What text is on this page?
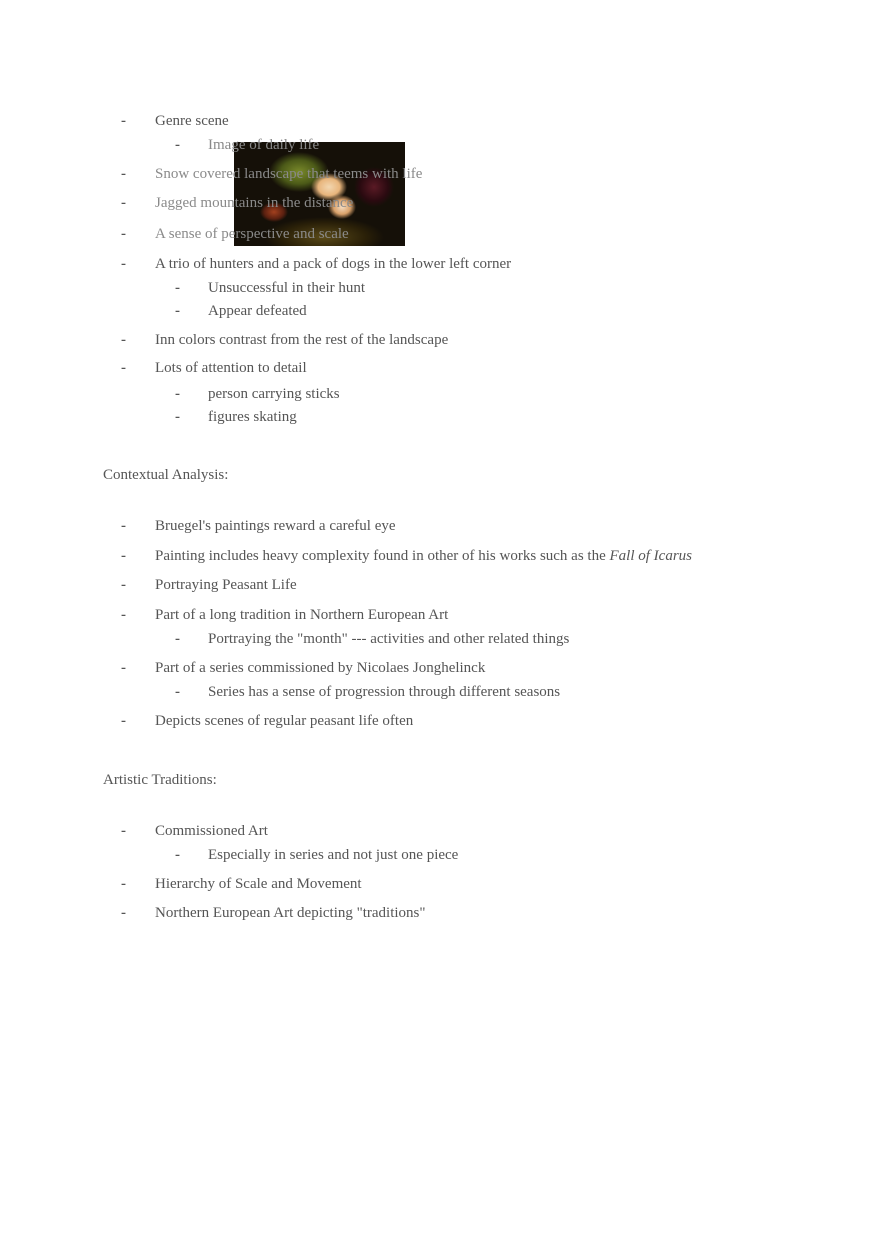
- Genre scene
- Image of daily life
- Snow covered landscape that teems with life
- Jagged mountains in the distance
- A sense of perspective and scale
- A trio of hunters and a pack of dogs in the lower left corner
- Unsuccessful in their hunt
- Appear defeated
- Inn colors contrast from the rest of the landscape
- Lots of attention to detail
- person carrying sticks
- figures skating
Contextual Analysis:
- Bruegel's paintings reward a careful eye
- Painting includes heavy complexity found in other of his works such as the Fall of Icarus
- Portraying Peasant Life
- Part of a long tradition in Northern European Art
- Portraying the "month" --- activities and other related things
- Part of a series commissioned by Nicolaes Jonghelinck
- Series has a sense of progression through different seasons
- Depicts scenes of regular peasant life often
Artistic Traditions:
- Commissioned Art
- Especially in series and not just one piece
- Hierarchy of Scale and Movement
- Northern European Art depicting "traditions"
